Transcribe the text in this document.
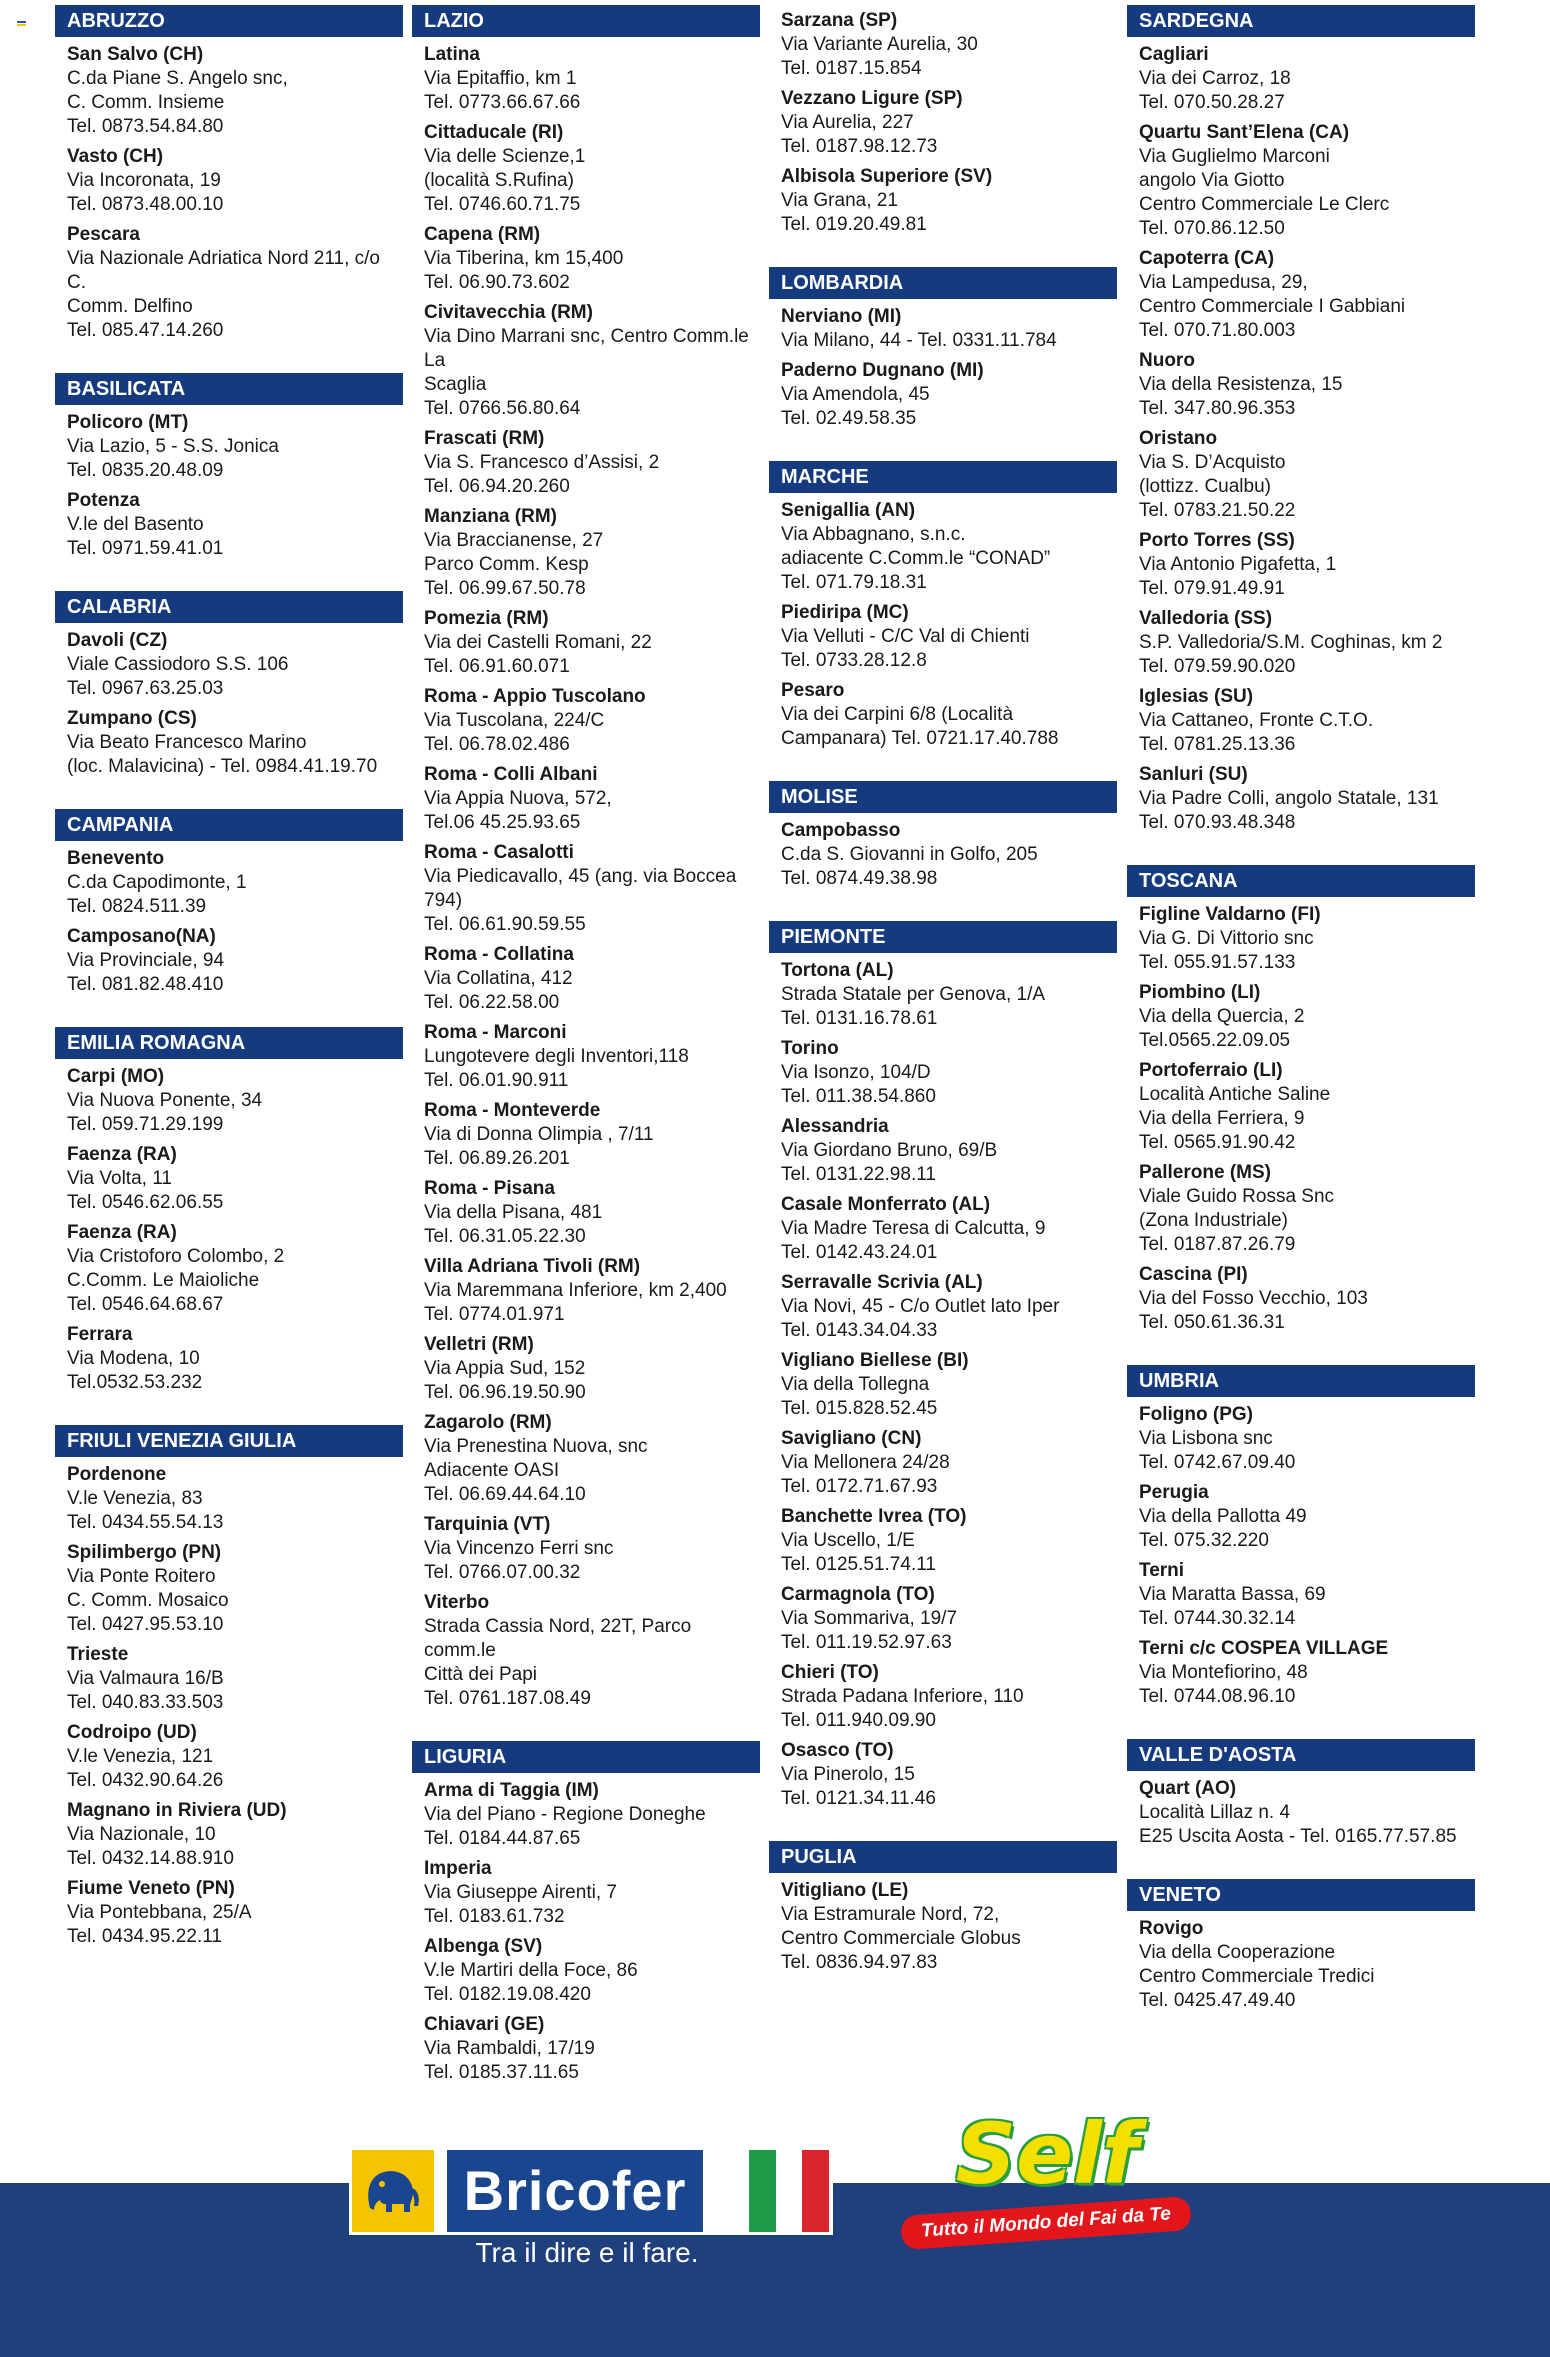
ABRUZZO
San Salvo (CH)
C.da Piane S. Angelo snc,
C. Comm. Insieme
Tel. 0873.54.84.80
Vasto (CH)
Via Incoronata, 19
Tel. 0873.48.00.10
Pescara
Via Nazionale Adriatica Nord 211, c/o C.
Comm. Delfino
Tel. 085.47.14.260
BASILICATA
Policoro (MT)
Via Lazio, 5 - S.S. Jonica
Tel. 0835.20.48.09
Potenza
V.le del Basento
Tel. 0971.59.41.01
CALABRIA
Davoli (CZ)
Viale Cassiodoro S.S. 106
Tel. 0967.63.25.03
Zumpano (CS)
Via Beato Francesco Marino
(loc. Malavicina) - Tel. 0984.41.19.70
CAMPANIA
Benevento
C.da Capodimonte, 1
Tel. 0824.511.39
Camposano(NA)
Via Provinciale, 94
Tel. 081.82.48.410
EMILIA ROMAGNA
Carpi (MO)
Via Nuova Ponente, 34
Tel. 059.71.29.199
Faenza (RA)
Via Volta, 11
Tel. 0546.62.06.55
Faenza (RA)
Via Cristoforo Colombo, 2
C.Comm. Le Maioliche
Tel. 0546.64.68.67
Ferrara
Via Modena, 10
Tel.0532.53.232
FRIULI VENEZIA GIULIA
Pordenone
V.le Venezia, 83
Tel. 0434.55.54.13
Spilimbergo (PN)
Via Ponte Roitero
C. Comm. Mosaico
Tel. 0427.95.53.10
Trieste
Via Valmaura 16/B
Tel. 040.83.33.503
Codroipo (UD)
V.le Venezia, 121
Tel. 0432.90.64.26
Magnano in Riviera (UD)
Via Nazionale, 10
Tel. 0432.14.88.910
Fiume Veneto (PN)
Via Pontebbana, 25/A
Tel. 0434.95.22.11
LAZIO
Latina
Via Epitaffio, km 1
Tel. 0773.66.67.66
Cittaducale (RI)
Via delle Scienze,1
(località S.Rufina)
Tel. 0746.60.71.75
Capena (RM)
Via Tiberina, km 15,400
Tel. 06.90.73.602
Civitavecchia (RM)
Via Dino Marrani snc, Centro Comm.le La
Scaglia
Tel. 0766.56.80.64
Frascati (RM)
Via S. Francesco d’Assisi, 2
Tel. 06.94.20.260
Manziana (RM)
Via Braccianense, 27
Parco Comm. Kesp
Tel. 06.99.67.50.78
Pomezia (RM)
Via dei Castelli Romani, 22
Tel. 06.91.60.071
Roma - Appio Tuscolano
Via Tuscolana, 224/C
Tel. 06.78.02.486
Roma - Colli Albani
Via Appia Nuova, 572,
Tel.06 45.25.93.65
Roma - Casalotti
Via Piedicavallo, 45 (ang. via Boccea 794)
Tel. 06.61.90.59.55
Roma - Collatina
Via Collatina, 412
Tel. 06.22.58.00
Roma - Marconi
Lungotevere degli Inventori,118
Tel. 06.01.90.911
Roma - Monteverde
Via di Donna Olimpia , 7/11
Tel. 06.89.26.201
Roma - Pisana
Via della Pisana, 481
Tel. 06.31.05.22.30
Villa Adriana Tivoli (RM)
Via Maremmana Inferiore, km 2,400
Tel. 0774.01.971
Velletri (RM)
Via Appia Sud, 152
Tel. 06.96.19.50.90
Zagarolo (RM)
Via Prenestina Nuova, snc
Adiacente OASI
Tel. 06.69.44.64.10
Tarquinia (VT)
Via Vincenzo Ferri snc
Tel. 0766.07.00.32
Viterbo
Strada Cassia Nord, 22T, Parco comm.le
Città dei Papi
Tel. 0761.187.08.49
LIGURIA
Arma di Taggia (IM)
Via del Piano - Regione Doneghe
Tel. 0184.44.87.65
Imperia
Via Giuseppe Airenti, 7
Tel. 0183.61.732
Albenga (SV)
V.le Martiri della Foce, 86
Tel. 0182.19.08.420
Chiavari (GE)
Via Rambaldi, 17/19
Tel. 0185.37.11.65
Sarzana (SP)
Via Variante Aurelia, 30
Tel. 0187.15.854
Vezzano Ligure (SP)
Via Aurelia, 227
Tel. 0187.98.12.73
Albisola Superiore (SV)
Via Grana, 21
Tel. 019.20.49.81
LOMBARDIA
Nerviano (MI)
Via Milano, 44 - Tel. 0331.11.784
Paderno Dugnano (MI)
Via Amendola, 45
Tel. 02.49.58.35
MARCHE
Senigallia (AN)
Via Abbagnano, s.n.c.
adiacente C.Comm.le “CONAD”
Tel. 071.79.18.31
Piediripa (MC)
Via Velluti - C/C Val di Chienti
Tel. 0733.28.12.8
Pesaro
Via dei Carpini 6/8 (Località
Campanara) Tel. 0721.17.40.788
MOLISE
Campobasso
C.da S. Giovanni in Golfo, 205
Tel. 0874.49.38.98
PIEMONTE
Tortona (AL)
Strada Statale per Genova, 1/A
Tel. 0131.16.78.61
Torino
Via Isonzo, 104/D
Tel. 011.38.54.860
Alessandria
Via Giordano Bruno, 69/B
Tel. 0131.22.98.11
Casale Monferrato (AL)
Via Madre Teresa di Calcutta, 9
Tel. 0142.43.24.01
Serravalle Scrivia (AL)
Via Novi, 45 - C/o Outlet lato Iper
Tel. 0143.34.04.33
Vigliano Biellese (BI)
Via della Tollegna
Tel. 015.828.52.45
Savigliano (CN)
Via Mellonera 24/28
Tel. 0172.71.67.93
Banchette Ivrea (TO)
Via Uscello, 1/E
Tel. 0125.51.74.11
Carmagnola (TO)
Via Sommariva, 19/7
Tel. 011.19.52.97.63
Chieri (TO)
Strada Padana Inferiore, 110
Tel. 011.940.09.90
Osasco (TO)
Via Pinerolo, 15
Tel. 0121.34.11.46
PUGLIA
Vitigliano (LE)
Via Estramurale Nord, 72,
Centro Commerciale Globus
Tel. 0836.94.97.83
SARDEGNA
Cagliari
Via dei Carroz, 18
Tel. 070.50.28.27
Quartu Sant’Elena (CA)
Via Guglielmo Marconi
angolo Via Giotto
Centro Commerciale Le Clerc
Tel. 070.86.12.50
Capoterra (CA)
Via Lampedusa, 29,
Centro Commerciale I Gabbiani
Tel. 070.71.80.003
Nuoro
Via della Resistenza, 15
Tel. 347.80.96.353
Oristano
Via S. D’Acquisto
(lottizz. Cualbu)
Tel. 0783.21.50.22
Porto Torres (SS)
Via Antonio Pigafetta, 1
Tel. 079.91.49.91
Valledoria (SS)
S.P. Valledoria/S.M. Coghinas, km 2
Tel. 079.59.90.020
Iglesias (SU)
Via Cattaneo, Fronte C.T.O.
Tel. 0781.25.13.36
Sanluri (SU)
Via Padre Colli, angolo Statale, 131
Tel. 070.93.48.348
TOSCANA
Figline Valdarno (FI)
Via G. Di Vittorio snc
Tel. 055.91.57.133
Piombino (LI)
Via della Quercia, 2
Tel.0565.22.09.05
Portoferraio (LI)
Località Antiche Saline
Via della Ferriera, 9
Tel. 0565.91.90.42
Pallerone (MS)
Viale Guido Rossa Snc
(Zona Industriale)
Tel. 0187.87.26.79
Cascina (PI)
Via del Fosso Vecchio, 103
Tel. 050.61.36.31
UMBRIA
Foligno (PG)
Via Lisbona snc
Tel. 0742.67.09.40
Perugia
Via della Pallotta 49
Tel. 075.32.220
Terni
Via Maratta Bassa, 69
Tel. 0744.30.32.14
Terni c/c COSPEA VILLAGE
Via Montefiorino, 48
Tel. 0744.08.96.10
VALLE D'AOSTA
Quart (AO)
Località Lillaz n. 4
E25 Uscita Aosta - Tel. 0165.77.57.85
VENETO
Rovigo
Via della Cooperazione
Centro Commerciale Tredici
Tel. 0425.47.49.40
Bricofer
Tra il dire e il fare.
Self
Tutto il Mondo del Fai da Te
